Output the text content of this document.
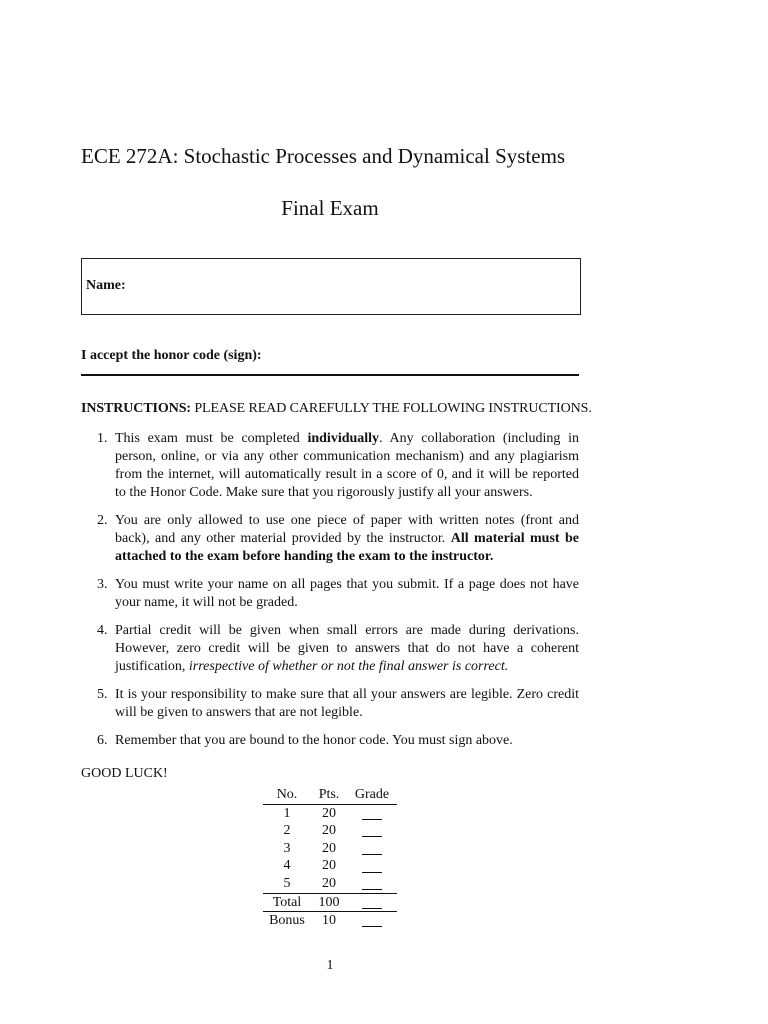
ECE 272A: Stochastic Processes and Dynamical Systems
Final Exam
Name:
I accept the honor code (sign):
INSTRUCTIONS: PLEASE READ CAREFULLY THE FOLLOWING INSTRUCTIONS.
1. This exam must be completed individually. Any collaboration (including in person, online, or via any other communication mechanism) and any plagiarism from the internet, will automatically result in a score of 0, and it will be reported to the Honor Code. Make sure that you rigorously justify all your answers.
2. You are only allowed to use one piece of paper with written notes (front and back), and any other material provided by the instructor. All material must be attached to the exam before handing the exam to the instructor.
3. You must write your name on all pages that you submit. If a page does not have your name, it will not be graded.
4. Partial credit will be given when small errors are made during derivations. However, zero credit will be given to answers that do not have a coherent justification, irrespective of whether or not the final answer is correct.
5. It is your responsibility to make sure that all your answers are legible. Zero credit will be given to answers that are not legible.
6. Remember that you are bound to the honor code. You must sign above.
GOOD LUCK!
No.	Pts.	Grade
1	20	
2	20	
3	20	
4	20	
5	20	
Total	100	
Bonus	10	
1
